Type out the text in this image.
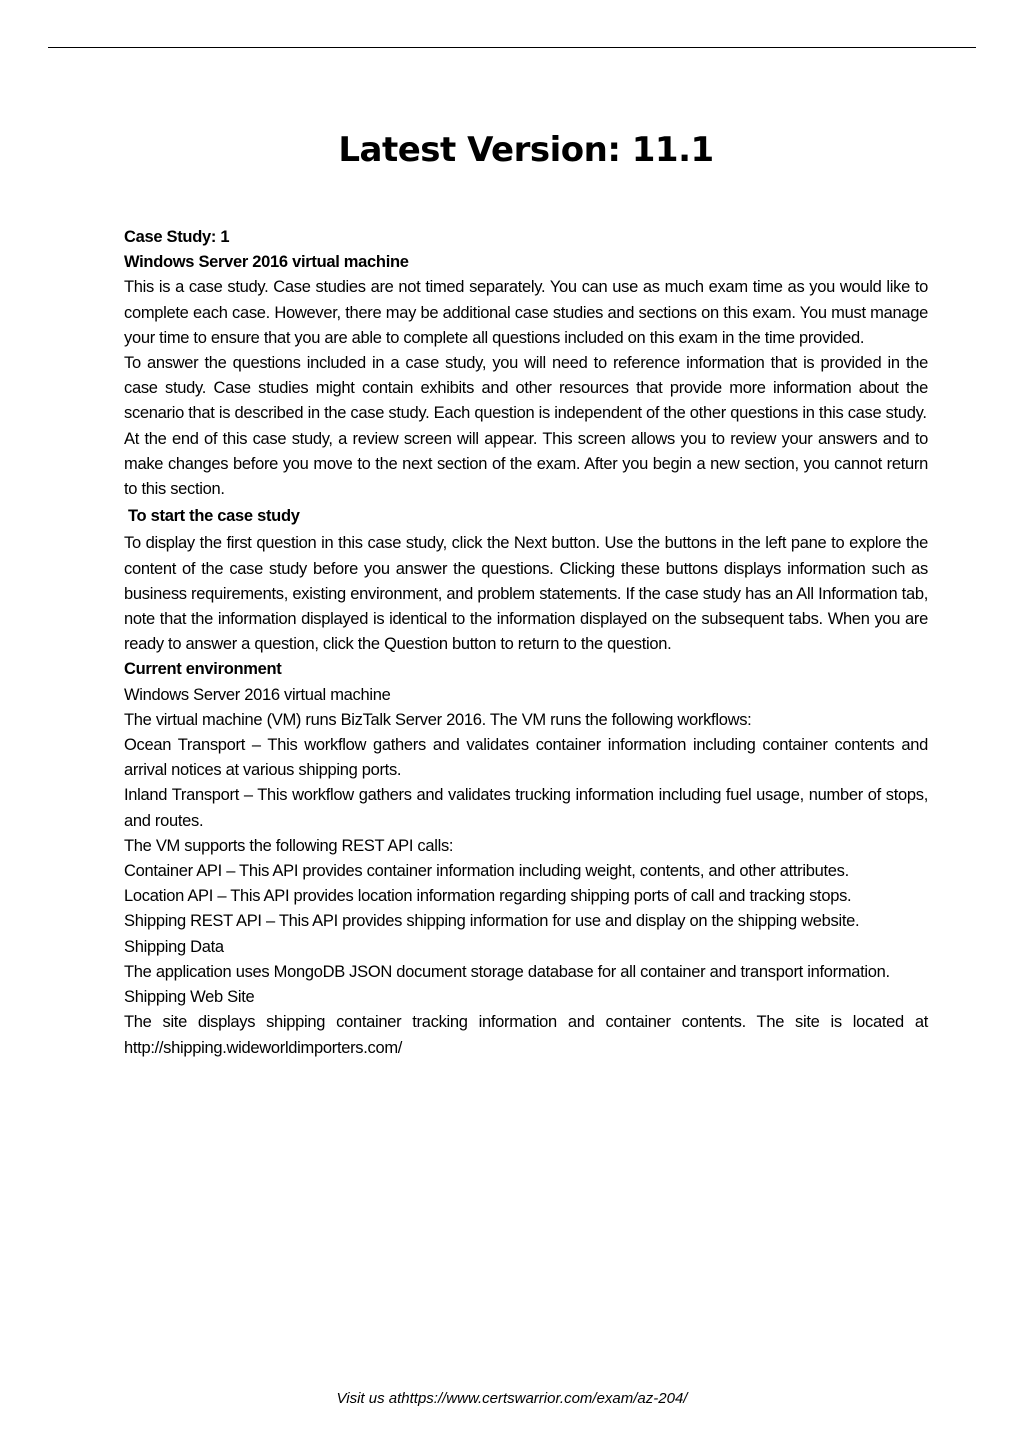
Latest Version: 11.1

Case Study: 1

Windows Server 2016 virtual machine

This is a case study. Case studies are not timed separately. You can use as much exam time as you would like to complete each case. However, there may be additional case studies and sections on this exam. You must manage your time to ensure that you are able to complete all questions included on this exam in the time provided.

To answer the questions included in a case study, you will need to reference information that is provided in the case study. Case studies might contain exhibits and other resources that provide more information about the scenario that is described in the case study. Each question is independent of the other questions in this case study.

At the end of this case study, a review screen will appear. This screen allows you to review your answers and to make changes before you move to the next section of the exam. After you begin a new section, you cannot return to this section.

To start the case study

To display the first question in this case study, click the Next button. Use the buttons in the left pane to explore the content of the case study before you answer the questions. Clicking these buttons displays information such as business requirements, existing environment, and problem statements. If the case study has an All Information tab, note that the information displayed is identical to the information displayed on the subsequent tabs. When you are ready to answer a question, click the Question button to return to the question.

Current environment

Windows Server 2016 virtual machine

The virtual machine (VM) runs BizTalk Server 2016. The VM runs the following workflows:

Ocean Transport – This workflow gathers and validates container information including container contents and arrival notices at various shipping ports.

Inland Transport – This workflow gathers and validates trucking information including fuel usage, number of stops, and routes.

The VM supports the following REST API calls:

Container API – This API provides container information including weight, contents, and other attributes.

Location API – This API provides location information regarding shipping ports of call and tracking stops.

Shipping REST API – This API provides shipping information for use and display on the shipping website.

Shipping Data

The application uses MongoDB JSON document storage database for all container and transport information.

Shipping Web Site

The site displays shipping container tracking information and container contents. The site is located at http://shipping.wideworldimporters.com/

Visit us athttps://www.certswarrior.com/exam/az-204/
